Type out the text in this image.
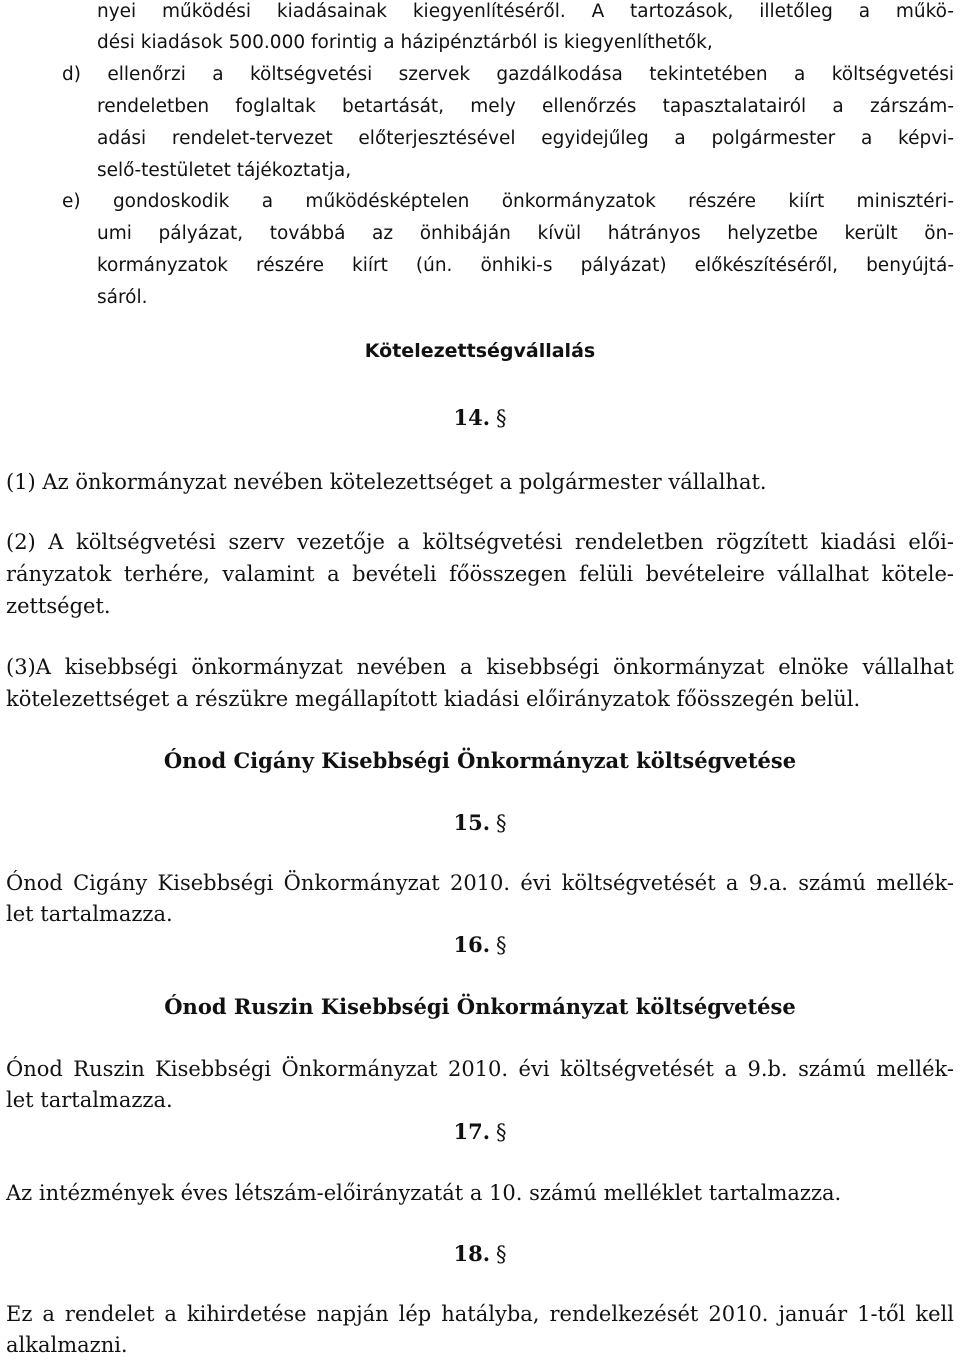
nyei működési kiadásainak kiegyenlítéséről. A tartozások, illetőleg a műkö-
dési kiadások 500.000 forintig a házipénztárból is kiegyenlíthetők,
d) ellenőrzi a költségvetési szervek gazdálkodása tekintetében a költségvetési
rendeletben foglaltak betartását, mely ellenőrzés tapasztalatairól a zárszám-
adási rendelet-tervezet előterjesztésével egyidejűleg a polgármester a képvi-
selő-testületet tájékoztatja,
e) gondoskodik a működésképtelen önkormányzatok részére kiírt minisztéri-
umi pályázat, továbbá az önhibáján kívül hátrányos helyzetbe került ön-
kormányzatok részére kiírt (ún. önhiki-s pályázat) előkészítéséről, benyújtá-
sáról.
Kötelezettségvállalás
14. §
(1) Az önkormányzat nevében kötelezettséget a polgármester vállalhat.
(2) A költségvetési szerv vezetője a költségvetési rendeletben rögzített kiadási elői-
rányzatok terhére, valamint a bevételi főösszegen felüli bevételeire vállalhat kötele-
zettséget.
(3)A kisebbségi önkormányzat nevében a kisebbségi önkormányzat elnöke vállalhat
kötelezettséget a részükre megállapított kiadási előirányzatok főösszegén belül.
Ónod Cigány Kisebbségi Önkormányzat költségvetése
15. §
Ónod Cigány Kisebbségi Önkormányzat 2010. évi költségvetését a 9.a. számú mellék-
let tartalmazza.
16. §
Ónod Ruszin Kisebbségi Önkormányzat költségvetése
Ónod Ruszin Kisebbségi Önkormányzat 2010. évi költségvetését a 9.b. számú mellék-
let tartalmazza.
17. §
Az intézmények éves létszám-előirányzatát a 10. számú melléklet tartalmazza.
18. §
Ez a rendelet a kihirdetése napján lép hatályba, rendelkezését 2010. január 1-től kell
alkalmazni.
